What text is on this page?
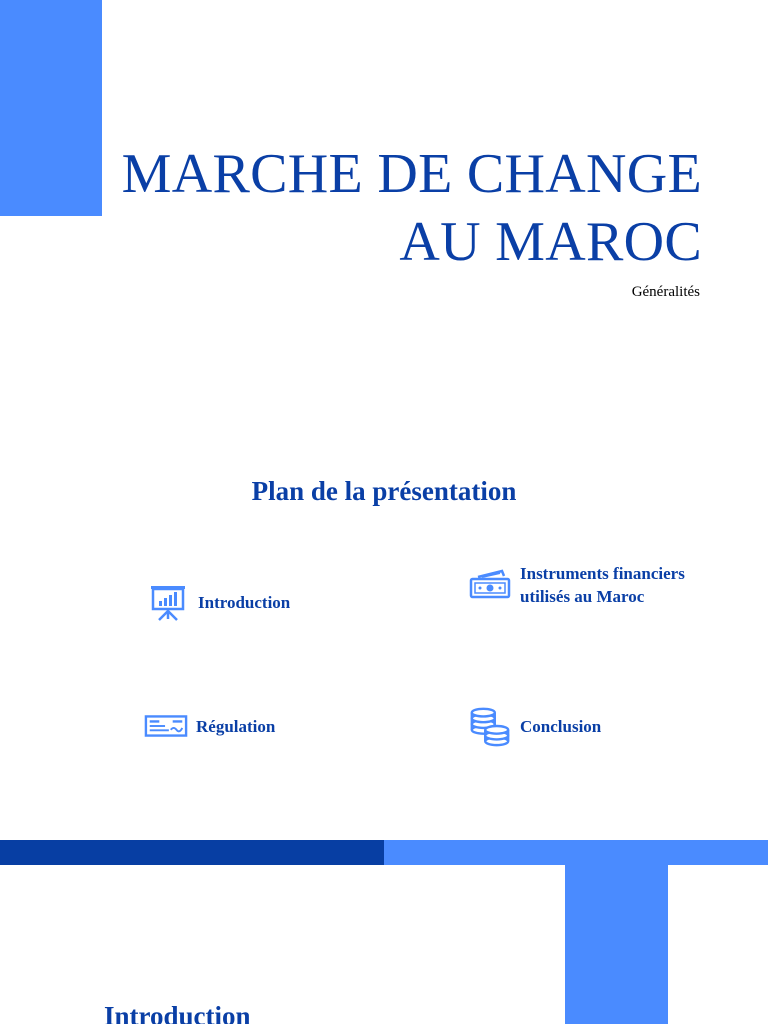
MARCHE DE CHANGE
AU MAROC

Généralités

Plan de la présentation
Introduction
Instruments financiers utilisés au Maroc
Régulation	Conclusion
Introduction
